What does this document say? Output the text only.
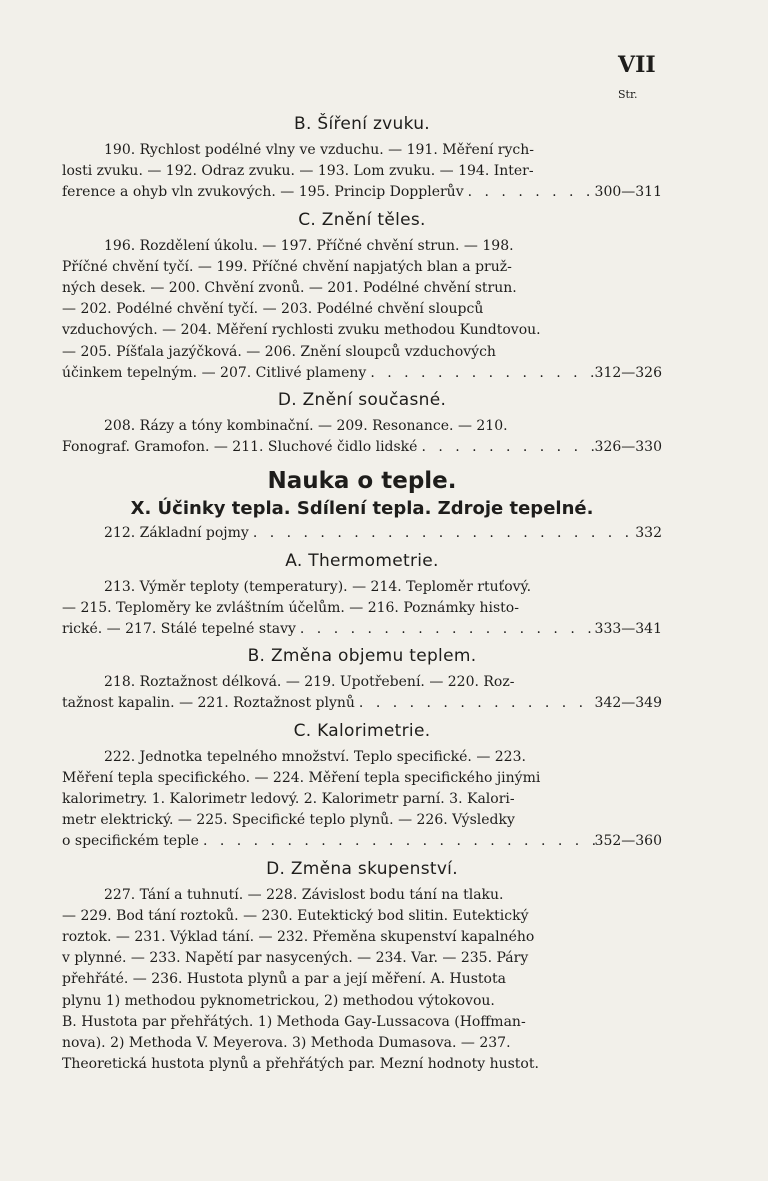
VII
Str.
B. Šíření zvuku.
190. Rychlost podélné vlny ve vzduchu. — 191. Měření rych-
losti zvuku. — 192. Odraz zvuku. — 193. Lom zvuku. — 194. Inter-
ference a ohyb vln zvukových. — 195. Princip Dopplerův . . .	300—311
C. Znění těles.
196. Rozdělení úkolu. — 197. Příčné chvění strun. — 198.
Příčné chvění tyčí. — 199. Příčné chvění napjatých blan a pruž-
ných desek. — 200. Chvění zvonů. — 201. Podélné chvění strun.
— 202. Podélné chvění tyčí. — 203. Podélné chvění sloupců
vzduchových. — 204. Měření rychlosti zvuku methodou Kundtovou.
— 205. Píšťala jazýčková. — 206. Znění sloupců vzduchových
účinkem tepelným. — 207. Citlivé plameny . . .	312—326
D. Znění současné.
208. Rázy a tóny kombinační. — 209. Resonance. — 210.
Fonograf. Gramofon. — 211. Sluchové čidlo lidské . . .	326—330
Nauka o teple.
X. Účinky tepla. Sdílení tepla. Zdroje tepelné.
212. Základní pojmy . . .	332
A. Thermometrie.
213. Výměr teploty (temperatury). — 214. Teploměr rtuťový.
— 215. Teploměry ke zvláštním účelům. — 216. Poznámky histo-
rické. — 217. Stálé tepelné stavy . . .	333—341
B. Změna objemu teplem.
218. Roztažnost délková. — 219. Upotřebení. — 220. Roz-
tažnost kapalin. — 221. Roztažnost plynů . . .	342—349
C. Kalorimetrie.
222. Jednotka tepelného množství. Teplo specifické. — 223.
Měření tepla specifického. — 224. Měření tepla specifického jinými
kalorimetry. 1. Kalorimetr ledový. 2. Kalorimetr parní. 3. Kalori-
metr elektrický. — 225. Specifické teplo plynů. — 226. Výsledky
o specifickém teple . . .	352—360
D. Změna skupenství.
227. Tání a tuhnutí. — 228. Závislost bodu tání na tlaku.
— 229. Bod tání roztoků. — 230. Eutektický bod slitin. Eutektický
roztok. — 231. Výklad tání. — 232. Přeměna skupenství kapalného
v plynné. — 233. Napětí par nasycených. — 234. Var. — 235. Páry
přehřáté. — 236. Hustota plynů a par a její měření. A. Hustota
plynu 1) methodou pyknometrickou, 2) methodou výtokovou.
B. Hustota par přehřátých. 1) Methoda Gay-Lussacova (Hoffman-
nova). 2) Methoda V. Meyerova. 3) Methoda Dumasova. — 237.
Theoretická hustota plynů a přehřátých par. Mezní hodnoty hustot.
